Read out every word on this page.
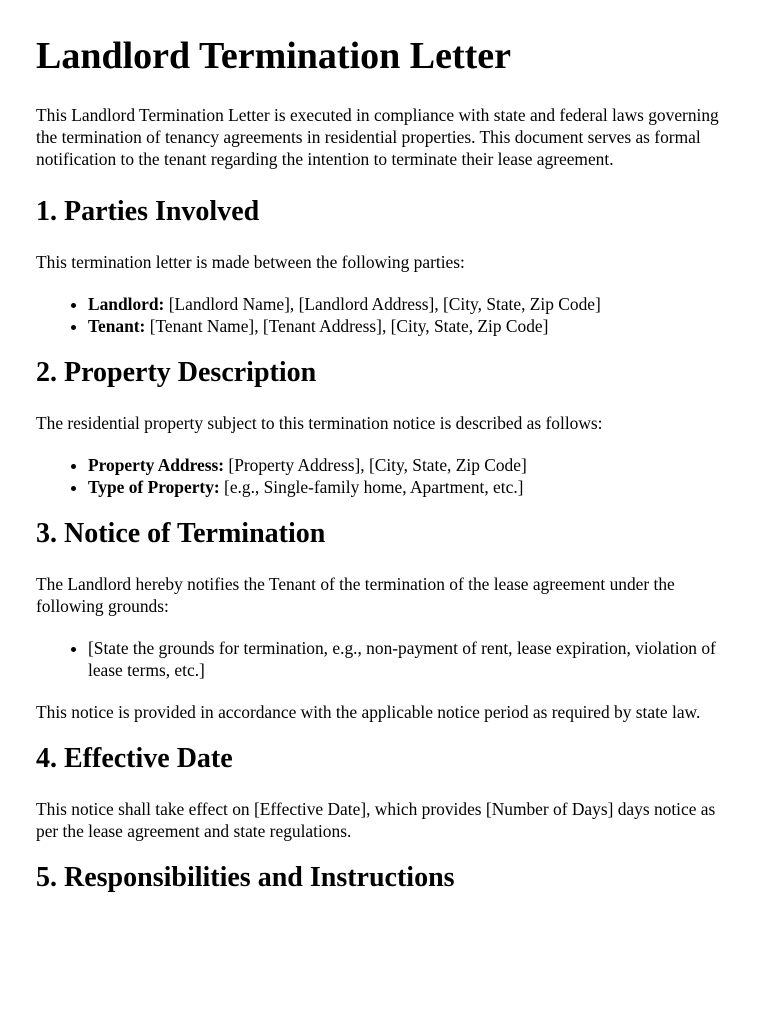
Landlord Termination Letter

This Landlord Termination Letter is executed in compliance with state and federal laws governing the termination of tenancy agreements in residential properties. This document serves as formal notification to the tenant regarding the intention to terminate their lease agreement.

1. Parties Involved

This termination letter is made between the following parties:

• Landlord: [Landlord Name], [Landlord Address], [City, State, Zip Code]
• Tenant: [Tenant Name], [Tenant Address], [City, State, Zip Code]
2. Property Description

The residential property subject to this termination notice is described as follows:

• Property Address: [Property Address], [City, State, Zip Code]
• Type of Property: [e.g., Single-family home, Apartment, etc.]
3. Notice of Termination

The Landlord hereby notifies the Tenant of the termination of the lease agreement under the following grounds:

• [State the grounds for termination, e.g., non-payment of rent, lease expiration, violation of lease terms, etc.]

This notice is provided in accordance with the applicable notice period as required by state law.

4. Effective Date

This notice shall take effect on [Effective Date], which provides [Number of Days] days notice as per the lease agreement and state regulations.

5. Responsibilities and Instructions
